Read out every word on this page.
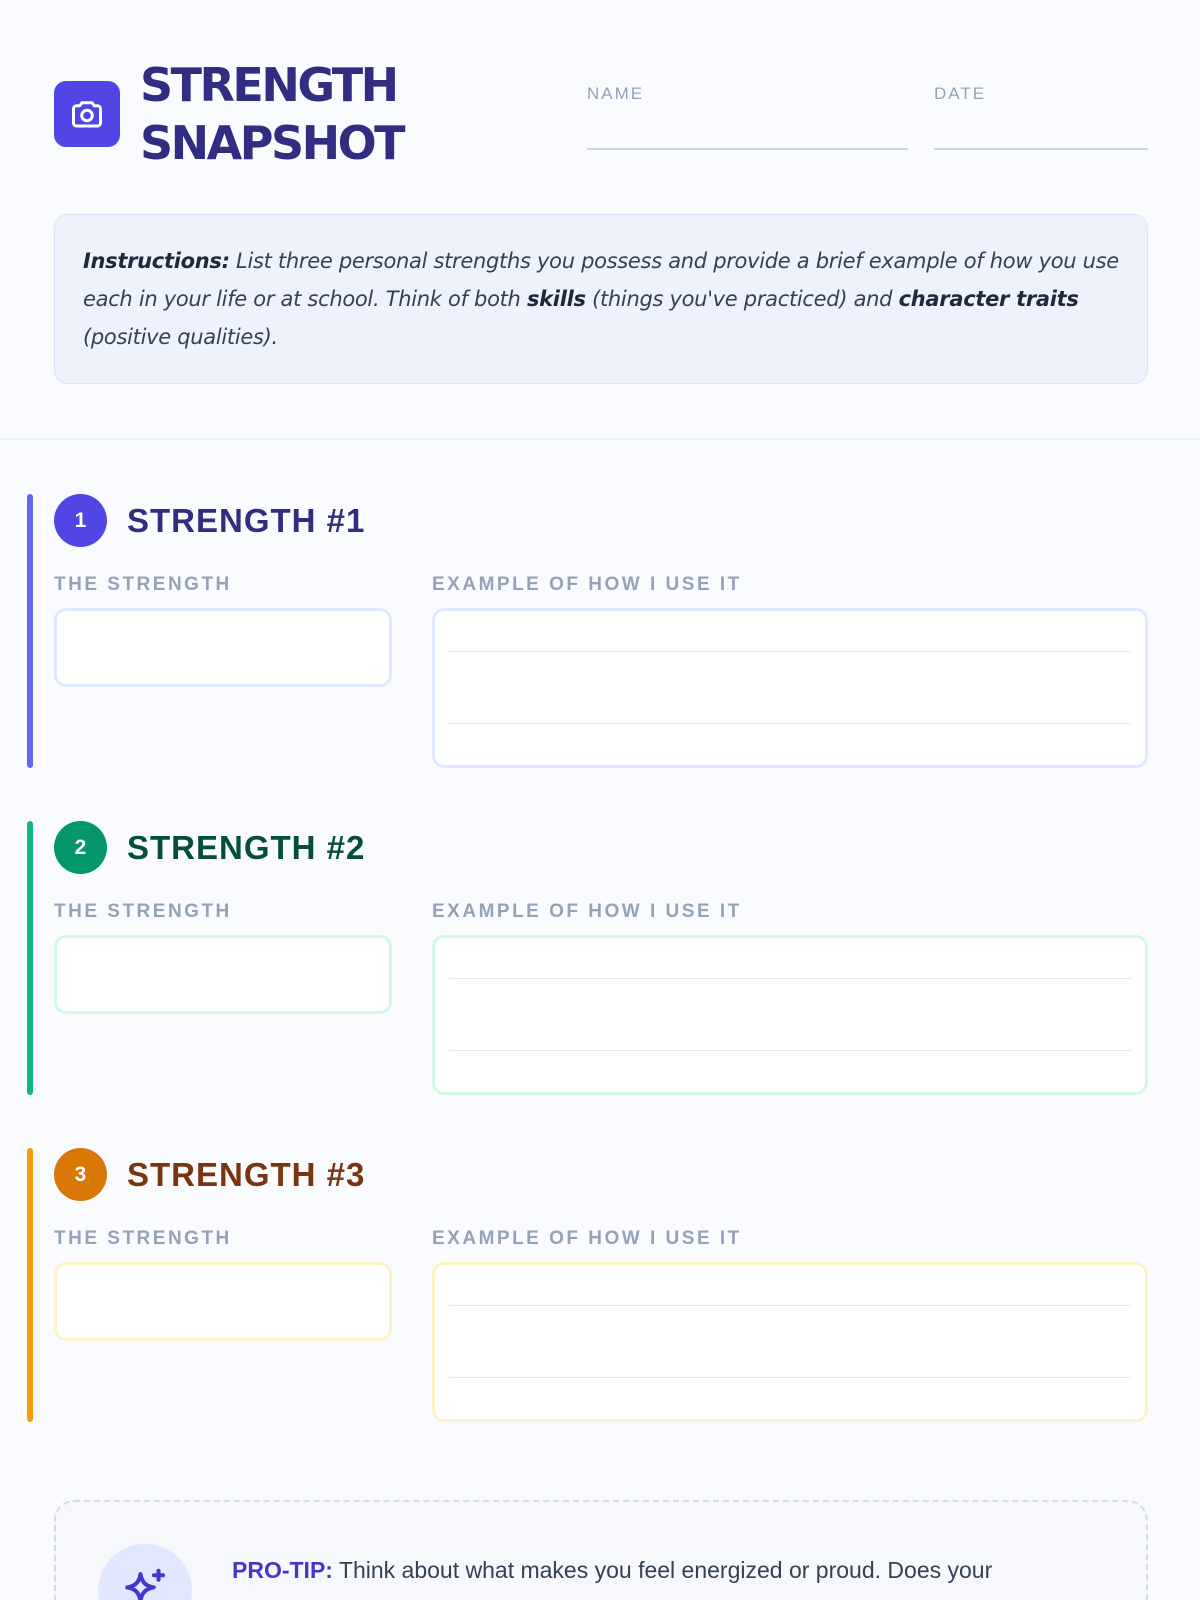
STRENGTH
SNAPSHOT
NAME	DATE

Instructions: List three personal strengths you possess and provide a brief example of how you use each in your life or at school. Think of both skills (things you've practiced) and character traits (positive qualities).

1	STRENGTH #1
THE STRENGTH	EXAMPLE OF HOW I USE IT
2	STRENGTH #2
THE STRENGTH	EXAMPLE OF HOW I USE IT
3	STRENGTH #3
THE STRENGTH	EXAMPLE OF HOW I USE IT
PRO-TIP: Think about what makes you feel energized or proud. Does your
